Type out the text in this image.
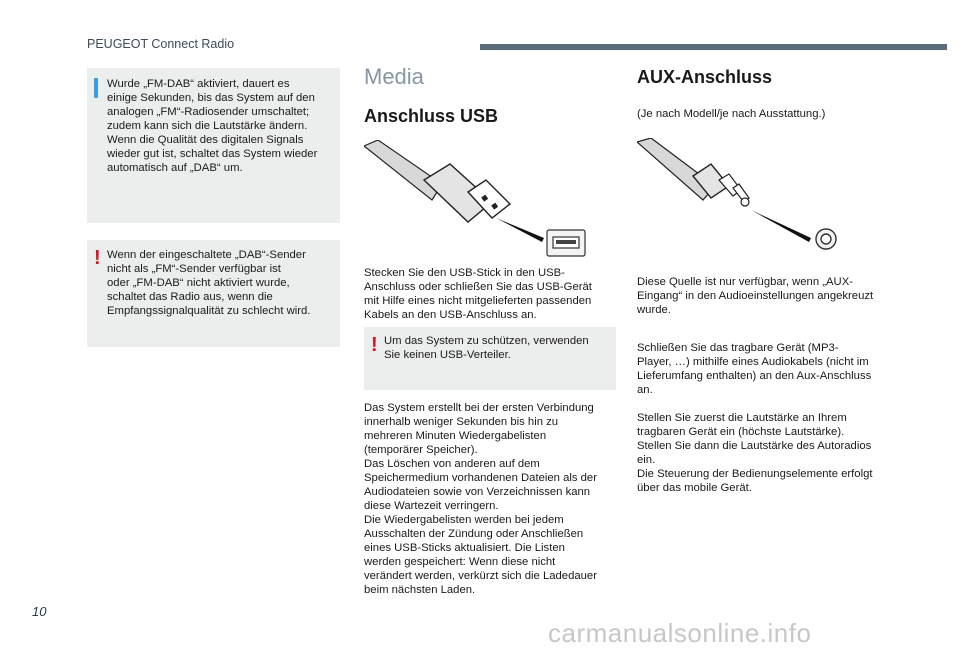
PEUGEOT Connect Radio
Wurde „FM-DAB“ aktiviert, dauert es
einige Sekunden, bis das System auf den
analogen „FM“-Radiosender umschaltet;
zudem kann sich die Lautstärke ändern.
Wenn die Qualität des digitalen Signals
wieder gut ist, schaltet das System wieder
automatisch auf „DAB“ um.
! Wenn der eingeschaltete „DAB“-Sender
nicht als „FM“-Sender verfügbar ist
oder „FM-DAB“ nicht aktiviert wurde,
schaltet das Radio aus, wenn die
Empfangssignalqualität zu schlecht wird.
Media
Anschluss USB
Stecken Sie den USB-Stick in den USB-
Anschluss oder schließen Sie das USB-Gerät
mit Hilfe eines nicht mitgelieferten passenden
Kabels an den USB-Anschluss an.
! Um das System zu schützen, verwenden
Sie keinen USB-Verteiler.
Das System erstellt bei der ersten Verbindung
innerhalb weniger Sekunden bis hin zu
mehreren Minuten Wiedergabelisten
(temporärer Speicher).
Das Löschen von anderen auf dem
Speichermedium vorhandenen Dateien als der
Audiodateien sowie von Verzeichnissen kann
diese Wartezeit verringern.
Die Wiedergabelisten werden bei jedem
Ausschalten der Zündung oder Anschließen
eines USB-Sticks aktualisiert. Die Listen
werden gespeichert: Wenn diese nicht
verändert werden, verkürzt sich die Ladedauer
beim nächsten Laden.
AUX-Anschluss
(Je nach Modell/je nach Ausstattung.)
Diese Quelle ist nur verfügbar, wenn „AUX-
Eingang“ in den Audioeinstellungen angekreuzt
wurde.
Schließen Sie das tragbare Gerät (MP3-
Player, …) mithilfe eines Audiokabels (nicht im
Lieferumfang enthalten) an den Aux-Anschluss
an.
Stellen Sie zuerst die Lautstärke an Ihrem
tragbaren Gerät ein (höchste Lautstärke).
Stellen Sie dann die Lautstärke des Autoradios
ein.
Die Steuerung der Bedienungselemente erfolgt
über das mobile Gerät.
10
carmanualsonline.info
